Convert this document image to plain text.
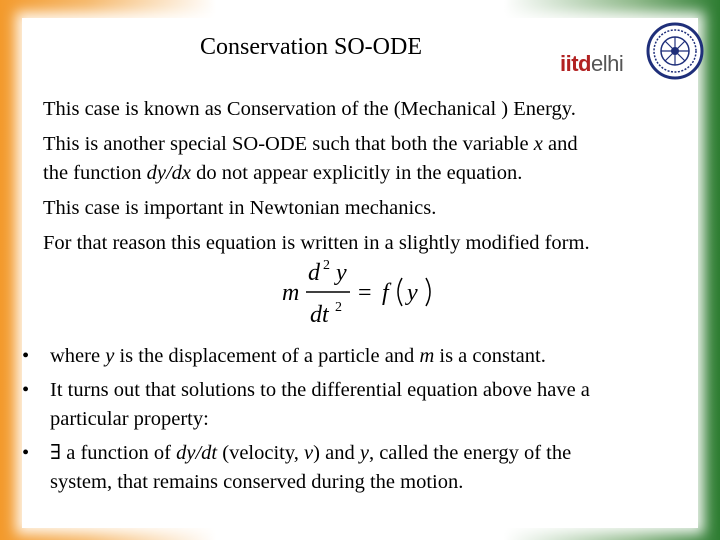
Conservation SO-ODE
iitdelhi
This case is known as Conservation of the (Mechanical ) Energy.
This is another special SO-ODE such that both the variable x and
the function dy/dx do not appear explicitly in the equation.
This case is important in Newtonian mechanics.
For that reason this equation is written in a slightly modified form.
m
d 2 y
dt 2
= f y
• where y is the displacement of a particle and m is a constant.
• It turns out that solutions to the differential equation above have a
particular property:
• ∃ a function of dy/dt (velocity, v) and y, called the energy of the
system, that remains conserved during the motion.
